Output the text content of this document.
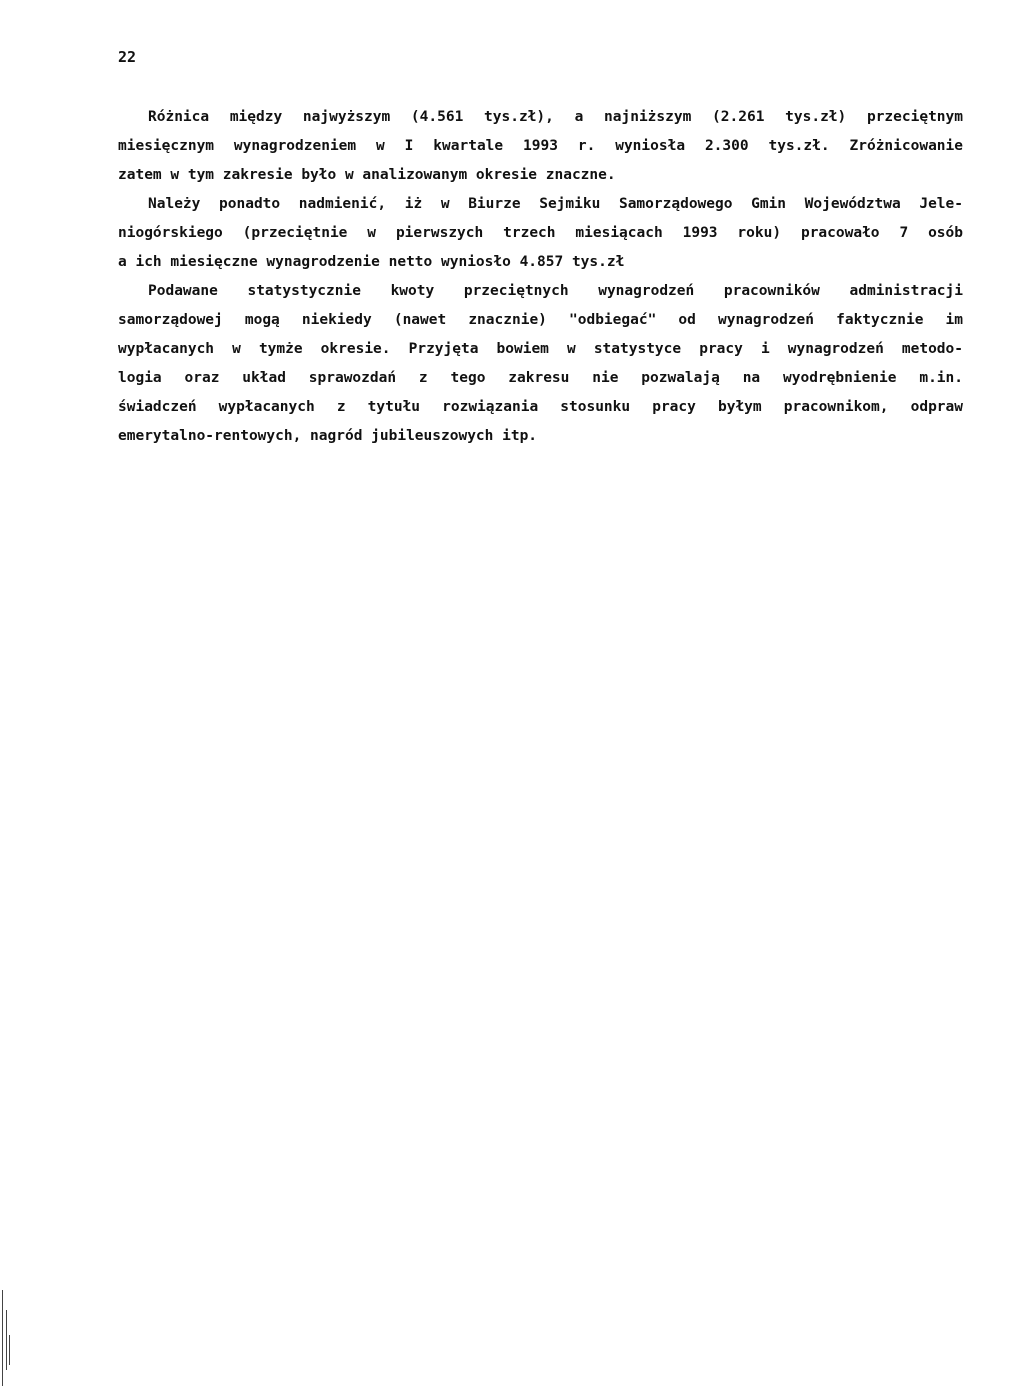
22
Różnica między najwyższym (4.561 tys.zł), a najniższym (2.261 tys.zł) przeciętnym
miesięcznym wynagrodzeniem w I kwartale 1993 r. wyniosła 2.300 tys.zł. Zróżnicowanie
zatem w tym zakresie było w analizowanym okresie znaczne.
Należy ponadto nadmienić, iż w Biurze Sejmiku Samorządowego Gmin Województwa Jele-
niogórskiego (przeciętnie w pierwszych trzech miesiącach 1993 roku) pracowało 7 osób
a ich miesięczne wynagrodzenie netto wyniosło 4.857 tys.zł
Podawane statystycznie kwoty przeciętnych wynagrodzeń pracowników administracji
samorządowej mogą niekiedy (nawet znacznie) "odbiegać" od wynagrodzeń faktycznie im
wypłacanych w tymże okresie. Przyjęta bowiem w statystyce pracy i wynagrodzeń metodo-
logia oraz układ sprawozdań z tego zakresu nie pozwalają na wyodrębnienie m.in.
świadczeń wypłacanych z tytułu rozwiązania stosunku pracy byłym pracownikom, odpraw
emerytalno-rentowych, nagród jubileuszowych itp.
